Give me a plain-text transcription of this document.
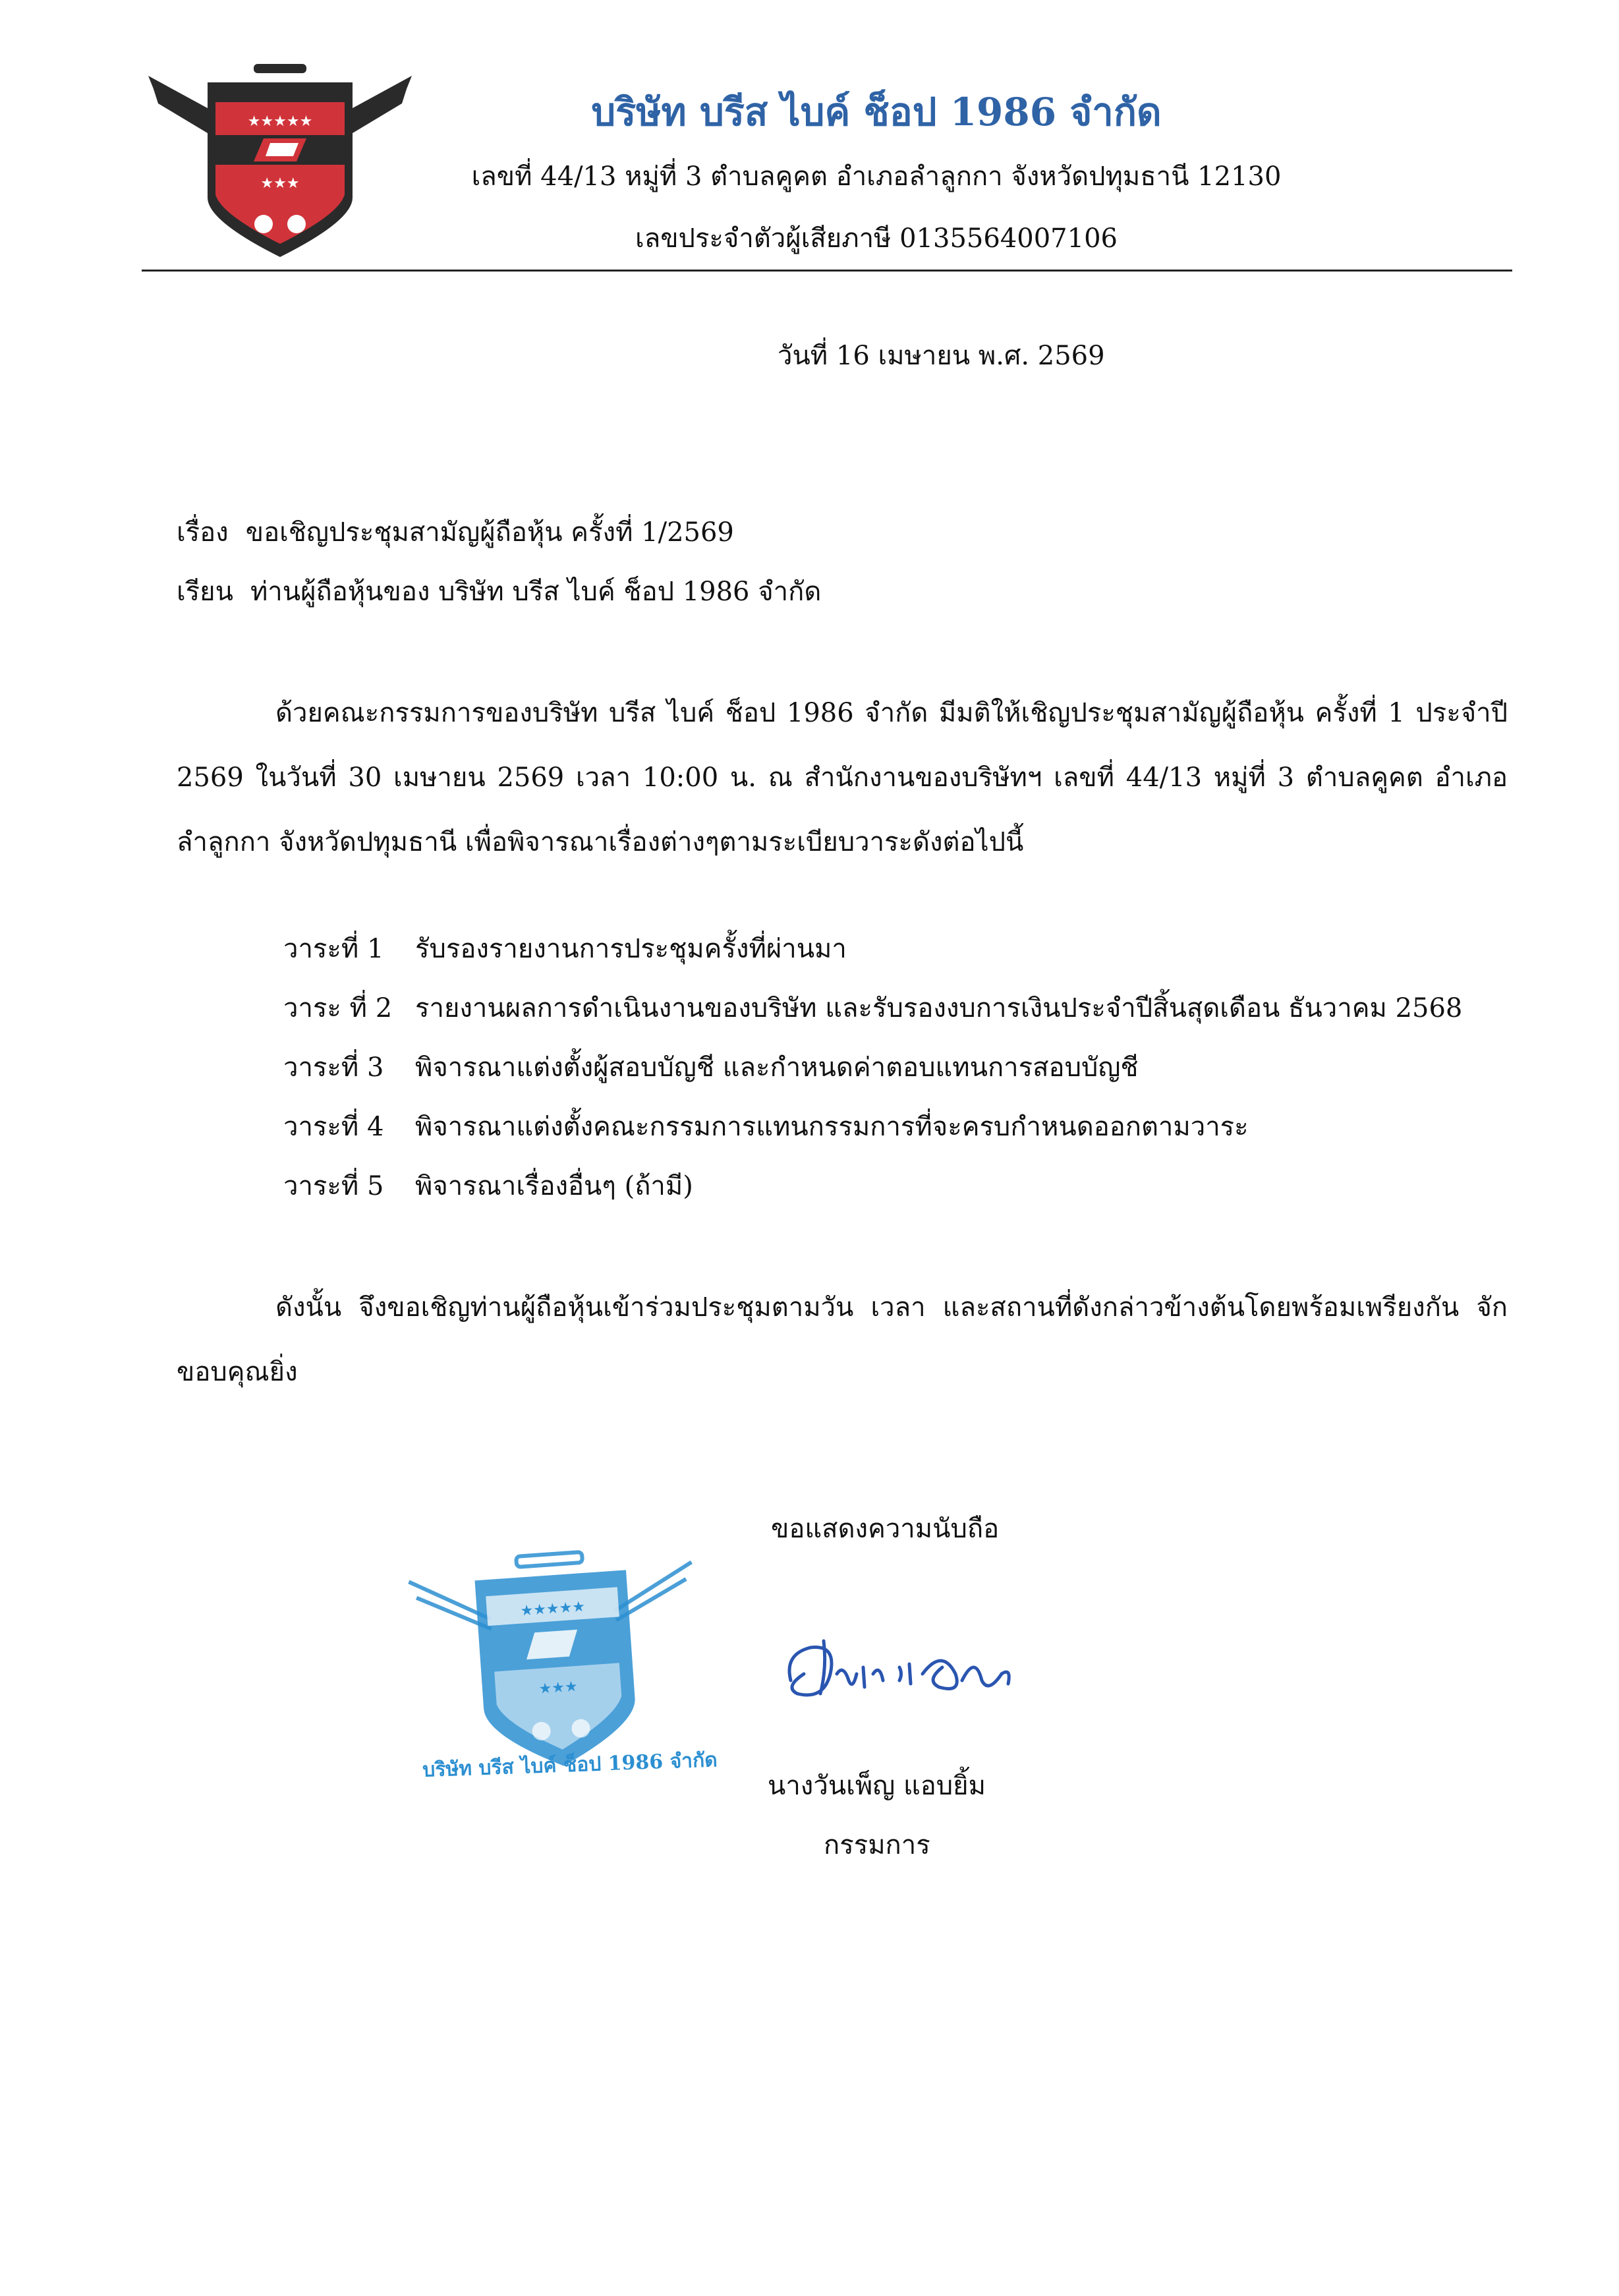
★★★★★
★★★
บริษัท บรีส ไบค์ ช็อป 1986 จำกัด
เลขที่ 44/13 หมู่ที่ 3 ตำบลคูคต อำเภอลำลูกกา จังหวัดปทุมธานี 12130
เลขประจำตัวผู้เสียภาษี 0135564007106
วันที่ 16 เมษายน พ.ศ. 2569
เรื่อง ขอเชิญประชุมสามัญผู้ถือหุ้น ครั้งที่ 1/2569
เรียน ท่านผู้ถือหุ้นของ บริษัท บรีส ไบค์ ช็อป 1986 จำกัด
ด้วยคณะกรรมการของบริษัท บรีส ไบค์ ช็อป 1986 จำกัด มีมติให้เชิญประชุมสามัญผู้ถือหุ้น ครั้งที่ 1 ประจำปี 2569 ในวันที่ 30 เมษายน 2569 เวลา 10:00 น. ณ สำนักงานของบริษัทฯ เลขที่ 44/13 หมู่ที่ 3 ตำบลคูคต อำเภอลำลูกกา จังหวัดปทุมธานี เพื่อพิจารณาเรื่องต่างๆตามระเบียบวาระดังต่อไปนี้
วาระที่ 1 รับรองรายงานการประชุมครั้งที่ผ่านมา
วาระ ที่ 2 รายงานผลการดำเนินงานของบริษัท และรับรองงบการเงินประจำปีสิ้นสุดเดือน ธันวาคม 2568
วาระที่ 3 พิจารณาแต่งตั้งผู้สอบบัญชี และกำหนดค่าตอบแทนการสอบบัญชี
วาระที่ 4 พิจารณาแต่งตั้งคณะกรรมการแทนกรรมการที่จะครบกำหนดออกตามวาระ
วาระที่ 5 พิจารณาเรื่องอื่นๆ (ถ้ามี)
ดังนั้น จึงขอเชิญท่านผู้ถือหุ้นเข้าร่วมประชุมตามวัน เวลา และสถานที่ดังกล่าวข้างต้นโดยพร้อมเพรียงกัน จักขอบคุณยิ่ง
ขอแสดงความนับถือ
★★★★★
★★★
บริษัท บรีส ไบค์ ช็อป 1986 จำกัด
นางวันเพ็ญ แอบยิ้ม
กรรมการ
